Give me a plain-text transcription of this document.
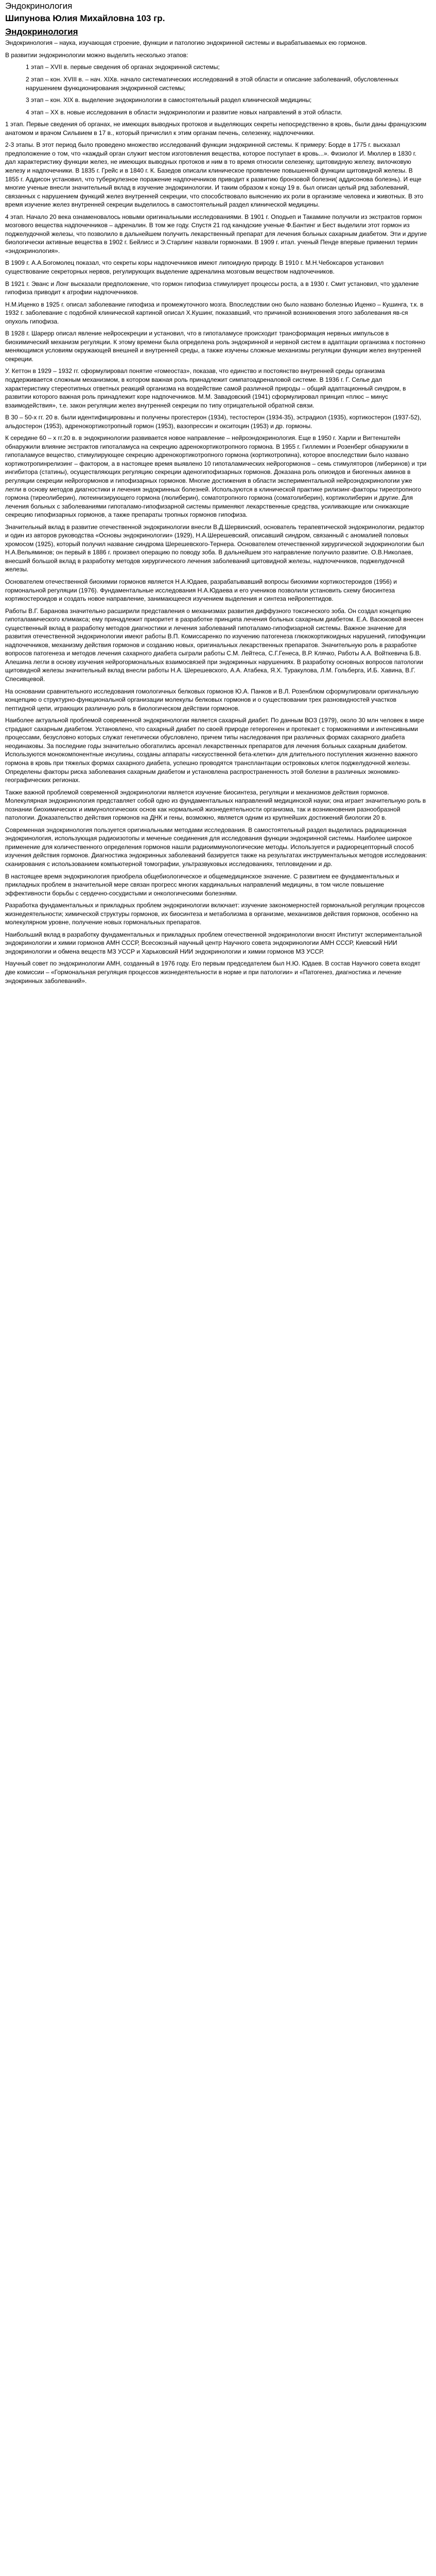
Эндокринология
Шипунова Юлия Михайловна 103 гр.
Эндокринология

Эндокринология – наука, изучающая строение, функции и патологию эндокринной системы и вырабатываемых ею гормонов.

В развитии эндокринологии можно выделить несколько этапов:

1 этап – XVII в. первые сведения об органах эндокринной системы;

2 этап – кон. XVIII в. – нач. XIXв. начало систематических исследований в этой области и описание заболеваний, обусловленных нарушением функционирования эндокринной системы;

3 этап – кон. XIX в. выделение эндокринологии в самостоятельный раздел клинической медицины;

4 этап – XX в. новые исследования в области эндокринологии и развитие новых направлений в этой области.

1 этап. Первые сведения об органах, не имеющих выводных протоков и выделяющих секреты непосредственно в кровь, были даны французским анатомом и врачом Сильвием в 17 в., который причислил к этим органам печень, селезенку, надпочечники.

2-3 этапы. В этот период было проведено множество исследований функции эндокринной системы. К примеру: Борде в 1775 г. высказал предположение о том, что «каждый орган служит местом изготовления вещества, которое поступает в кровь...». Физиолог И. Мюллер в 1830 г. дал характеристику функции желез, не имеющих выводных протоков и ним в то время относили селезенку, щитовидную железу, вилочковую железу и надпочечники. В 1835 г. Грейс и в 1840 г. К. Базедов описали клиническое проявление повышенной функции щитовидной железы. В 1855 г. Аддисон установил, что туберкулезное поражение надпочечников приводит к развитию бронзовой болезни( аддисонова болезнь). И еще многие ученые внесли значительный вклад в изучение эндокринологии. И таким образом к концу 19 в. был описан целый ряд заболеваний, связанных с нарушением функций желез внутренней секреции, что способствовало выяснению их роли в организме человека и животных. В это время изучение желез внутренней секреции выделилось в самостоятельный раздел клинической медицины.

4 этап. Начало 20 века ознаменовалось новыми оригинальными исследованиями. В 1901 г. Оподьеп и Такамине получили из экстрактов гормон мозгового вещества надпочечников – адреналин. В том же году. Спустя 21 год канадские ученые Ф.Бантинг и Бест выделили этот гормон из поджелудочной железы, что позволило в дальнейшем получить лекарственный препарат для лечения больных сахарным диабетом. Эти и другие биологически активные вещества в 1902 г. Бейлисс и Э.Старлинг назвали гормонами. В 1909 г. итал. ученый Пенде впервые применил термин «эндокринология».

В 1909 г. А.А.Богомолец показал, что секреты коры надпочечников имеют липоидную природу. В 1910 г. М.Н.Чебоксаров установил существование секреторных нервов, регулирующих выделение адреналина мозговым веществом надпочечников.

В 1921 г. Эванс и Лонг высказали предположение, что гормон гипофиза стимулирует процессы роста, а в 1930 г. Смит установил, что удаление гипофиза приводит к атрофии надпочечников.

Н.М.Иценко в 1925 г. описал заболевание гипофиза и промежуточного мозга. Впоследствии оно было названо болезнью Иценко – Кушинга, т.к. в 1932 г. заболевание с подобной клинической картиной описал Х.Кушинг, показавший, что причиной возникновения этого заболевания яв-ся опухоль гипофиза.

В 1928 г. Шарерр описал явление нейросекреции и установил, что в гипоталамусе происходит трансформация нервных импульсов в биохимический механизм регуляции. К этому времени была определена роль эндокринной и нервной систем в адаптации организма к постоянно меняющимся условиям окружающей внешней и внутренней среды, а также изучены сложные механизмы регуляции функции желез внутренней секреции.

У. Кеттон в 1929 – 1932 гг. сформулировал понятие «гомеостаз», показав, что единство и постоянство внутренней среды организма поддерживается сложным механизмом, в котором важная роль принадлежит симпатоадреналовой системе. В 1936 г. Г. Селье дал характеристику стереотипных ответных реакций организма на воздействие самой различной природы – общий адаптационный синдром, в развитии которого важная роль принадлежит коре надпочечников. М.М. Завадовский (1941) сформулировал принцип «плюс – минус взаимодействия», т.е. закон регуляции желез внутренней секреции по типу отрицательной обратной связи.

В 30 – 50-х гг. 20 в. были идентифицированы и получены прогестерон (1934), тестостерон (1934-35), эстрадиол (1935), кортикостерон (1937-52), альдостерон (1953), адренокортикотропный гормон (1953), вазопрессин и окситоцин (1953) и др. гормоны.

К середине 60 – х гг.20 в. в эндокринологии развивается новое направление – нейроэндокринология. Еще в 1950 г. Харли и Вигтенштейн обнаружили влияние экстрактов гипоталамуса на секрецию адренокортикотропного гормона. В 1955 г. Гиллемин и Розенберг обнаружили в гипоталамусе вещество, стимулирующее секрецию адренокортикотропного гормона (кортикотропина), которое впоследствии было названо кортикотропинрелизинг – фактором, а в настоящее время выявлено 10 гипоталамических нейрогормонов – семь стимуляторов (либеринов) и три ингибитора (статины), осуществляющих регуляцию секреции аденогипофизарных гормонов. Доказана роль опиоидов и биогенных аминов в регуляции секреции нейрогормонов и гипофизарных гормонов. Многие достижения в области экспериментальной нейроэндокринологии уже легли в основу методов диагностики и лечения эндокринных болезней. Используются в клинической практике рилизинг-факторы тиреотропного гормона (тиреолиберин), лютеинизирующего гормона (люлиберин), соматотропного гормона (соматолиберин), кортиколиберин и другие. Для лечения больных с заболеваниями гипоталамо-гипофизарной системы применяют лекарственные средства, усиливающие или снижающие секрецию гипофизарных гормонов, а также препараты тропных гормонов гипофиза.

Значительный вклад в развитие отечественной эндокринологии внесли В.Д.Шервинский, основатель терапевтической эндокринологии, редактор и один из авторов руководства «Основы эндокринологии» (1929), Н.А.Шерешевский, описавший синдром, связанный с аномалией половых хромосом (1925), который получил название синдрома Шерешевского-Тернера. Основателем отечественной хирургической эндокринологии был Н.А.Вельяминов; он первый в 1886 г. произвел операцию по поводу зоба. В дальнейшем это направление получило развитие. О.В.Николаев, внесший большой вклад в разработку методов хирургического лечения заболеваний щитовидной железы, надпочечников, поджелудочной железы.

Основателем отечественной биохимии гормонов является Н.А.Юдаев, разрабатывавший вопросы биохимии кортикостероидов (1956) и гормональной регуляции (1976). Фундаментальные исследования Н.А.Юдаева и его учеников позволили установить схему биосинтеза кортикостероидов и создать новое направление, занимающееся изучением выделения и синтеза нейропептидов.

Работы В.Г. Баранова значительно расширили представления о механизмах развития диффузного токсического зоба. Он создал концепцию гипоталамического климакса; ему принадлежит приоритет в разработке принципа лечения больных сахарным диабетом. Е.А. Васюковой внесен существенный вклад в разработку методов диагностики и лечения заболеваний гипоталамо-гипофизарной системы. Важное значение для развития отечественной эндокринологии имеют работы В.П. Комиссаренко по изучению патогенеза глюкокортикоидных нарушений, гипофункции надпочечников, механизму действия гормонов и созданию новых, оригинальных лекарственных препаратов. Значительную роль в разработке вопросов патогенеза и методов лечения сахарного диабета сыграли работы С.М. Лейтеса, С.Г.Генеса, В.Р. Клячко, Работы А.А. Войткевича Б.В. Алешина легли в основу изучения нейрогормональных взаимосвязей при эндокринных нарушениях. В разработку основных вопросов патологии щитовидной железы значительный вклад внесли работы Н.А. Шерешевского, А.А. Атабека, Я.Х. Туракулова, Л.М. Гольберга, И.Б. Хавина, В.Г. Спесивцевой.

На основании сравнительного исследования гомологичных белковых гормонов Ю.А. Панков и В.Л. Розенблюм сформулировали оригинальную концепцию о структурно-функциональной организации молекулы белковых гормонов и о существовании трех разновидностей участков пептидной цепи, играющих различную роль в биологическом действии гормонов.

Наиболее актуальной проблемой современной эндокринологии является сахарный диабет. По данным ВОЗ (1979), около 30 млн человек в мире страдают сахарным диабетом. Установлено, что сахарный диабет по своей природе гетерогенен и протекает с торможениями и интенсивными процессами, безусловно которых служат генетически обусловлено, причем типы наследования при различных формах сахарного диабета неодинаковы. За последние годы значительно обогатились арсенал лекарственных препаратов для лечения больных сахарным диабетом. Используются монокомпонентные инсулины, созданы аппараты «искусственной бета-клетки» для длительного поступления жизненно важного гормона в кровь при тяжелых формах сахарного диабета, успешно проводятся трансплантации островковых клеток поджелудочной железы. Определены факторы риска заболевания сахарным диабетом и установлена распространенность этой болезни в различных экономико-географических регионах.

Также важной проблемой современной эндокринологии является изучение биосинтеза, регуляции и механизмов действия гормонов. Молекулярная эндокринология представляет собой одно из фундаментальных направлений медицинской науки; она играет значительную роль в познании биохимических и иммунологических основ как нормальной жизнедеятельности организма, так и возникновения разнообразной патологии. Доказательство действия гормонов на ДНК и гены, возможно, является одним из крупнейших достижений биологии 20 в.

Современная эндокринология пользуется оригинальными методами исследования. В самостоятельный раздел выделилась радиационная эндокринология, использующая радиоизотопы и меченые соединения для исследования функции эндокринной системы. Наиболее широкое применение для количественного определения гормонов нашли радиоиммунологические методы. Используется и радиорецепторный способ изучения действия гормонов. Диагностика эндокринных заболеваний базируется также на результатах инструментальных методов исследования: сканирования с использованием компьютерной томографии, ультразвуковых исследованиях, тепловидении и др.

В настоящее время эндокринология приобрела общебиологическое и общемедицинское значение. С развитием ее фундаментальных и прикладных проблем в значительной мере связан прогресс многих кардинальных направлений медицины, в том числе повышение эффективности борьбы с сердечно-сосудистыми и онкологическими болезнями.

Разработка фундаментальных и прикладных проблем эндокринологии включает: изучение закономерностей гормональной регуляции процессов жизнедеятельности; химической структуры гормонов, их биосинтеза и метаболизма в организме, механизмов действия гормонов, особенно на молекулярном уровне, получение новых гормональных препаратов.

Наибольший вклад в разработку фундаментальных и прикладных проблем отечественной эндокринологии вносят Институт экспериментальной эндокринологии и химии гормонов АМН СССР, Всесоюзный научный центр Научного совета эндокринологии АМН СССР, Киевский НИИ эндокринологии и обмена веществ МЗ УССР и Харьковский НИИ эндокринологии и химии гормонов МЗ УССР.

Научный совет по эндокринологии АМН, созданный в 1976 году. Его первым председателем был Н.Ю. Юдаев. В состав Научного совета входят две комиссии – «Гормональная регуляция процессов жизнедеятельности в норме и при патологии» и «Патогенез, диагностика и лечение эндокринных заболеваний».
